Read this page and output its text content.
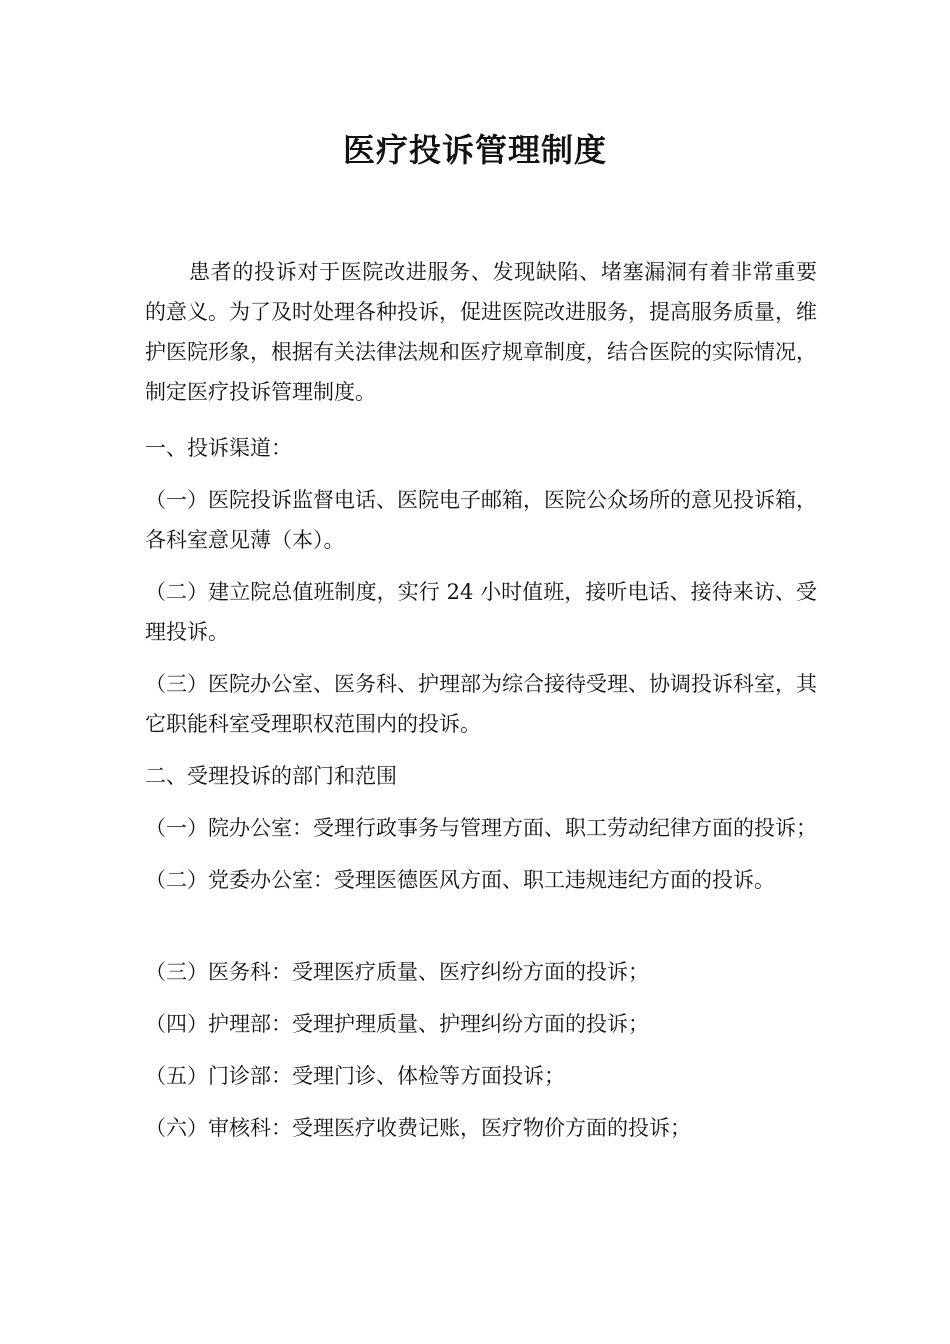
医疗投诉管理制度

患者的投诉对于医院改进服务、发现缺陷、堵塞漏洞有着非常重要的意义。为了及时处理各种投诉，促进医院改进服务，提高服务质量，维护医院形象，根据有关法律法规和医疗规章制度，结合医院的实际情况，制定医疗投诉管理制度。

一、投诉渠道：

（一）医院投诉监督电话、医院电子邮箱，医院公众场所的意见投诉箱，各科室意见薄（本）。

（二）建立院总值班制度，实行 24 小时值班，接听电话、接待来访、受理投诉。

（三）医院办公室、医务科、护理部为综合接待受理、协调投诉科室，其它职能科室受理职权范围内的投诉。

二、受理投诉的部门和范围

（一）院办公室：受理行政事务与管理方面、职工劳动纪律方面的投诉；

（二）党委办公室：受理医德医风方面、职工违规违纪方面的投诉。

（三）医务科：受理医疗质量、医疗纠纷方面的投诉；

（四）护理部：受理护理质量、护理纠纷方面的投诉；

（五）门诊部：受理门诊、体检等方面投诉；

（六）审核科：受理医疗收费记账，医疗物价方面的投诉；
